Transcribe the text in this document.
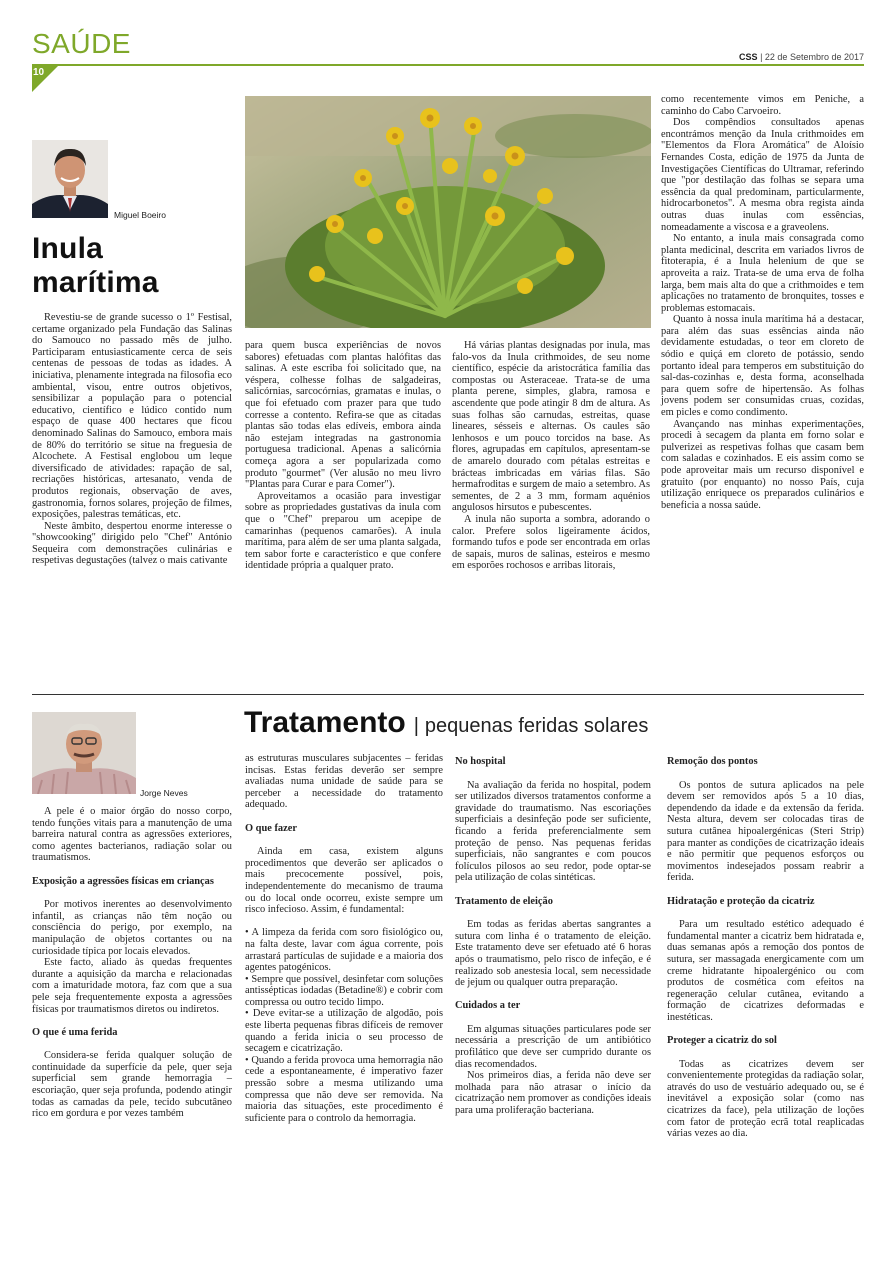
SAÚDE
10
CSS | 22 de Setembro de 2017
Miguel Boeiro
Inula
marítima

Revestiu-se de grande sucesso o 1º Festisal, certame organizado pela Fundação das Salinas do Samouco no passado mês de julho. Participaram entusiasticamente cerca de seis centenas de pessoas de todas as idades. A iniciativa, plenamente integrada na filosofia eco ambiental, visou, entre outros objetivos, sensibilizar a população para o potencial educativo, científico e lúdico contido num espaço de quase 400 hectares que ficou denominado Salinas do Samouco, embora mais de 80% do território se situe na freguesia de Alcochete. A Festisal englobou um leque diversificado de atividades: rapação de sal, recriações históricas, artesanato, venda de produtos regionais, observação de aves, gastronomia, fornos solares, projeção de filmes, exposições, palestras temáticas, etc.

Neste âmbito, despertou enorme interesse o "showcooking" dirigido pelo "Chef" António Sequeira com demonstrações culinárias e respetivas degustações (talvez o mais cativante

para quem busca experiências de novos sabores) efetuadas com plantas halófitas das salinas. A este escriba foi solicitado que, na véspera, colhesse folhas de salgadeiras, salicórnias, sarcocórnias, gramatas e inulas, o que foi efetuado com prazer para que tudo corresse a contento. Refira-se que as citadas plantas são todas elas edíveis, embora ainda não estejam integradas na gastronomia portuguesa tradicional. Apenas a salicórnia começa agora a ser popularizada como produto "gourmet" (Ver alusão no meu livro "Plantas para Curar e para Comer").

Aproveitamos a ocasião para investigar sobre as propriedades gustativas da inula com que o "Chef" preparou um acepipe de camarinhas (pequenos camarões). A inula marítima, para além de ser uma planta salgada, tem sabor forte e característico e que confere identidade própria a qualquer prato.

Há várias plantas designadas por inula, mas falo-vos da Inula crithmoides, de seu nome científico, espécie da aristocrática família das compostas ou Asteraceae. Trata-se de uma planta perene, simples, glabra, ramosa e ascendente que pode atingir 8 dm de altura. As suas folhas são carnudas, estreitas, quase lineares, sésseis e alternas. Os caules são lenhosos e um pouco torcidos na base. As flores, agrupadas em capítulos, apresentam-se de amarelo dourado com pétalas estreitas e brácteas imbricadas em várias filas. São hermafroditas e surgem de maio a setembro. As sementes, de 2 a 3 mm, formam aquénios angulosos hirsutos e pubescentes.

A inula não suporta a sombra, adorando o calor. Prefere solos ligeiramente ácidos, formando tufos e pode ser encontrada em orlas de sapais, muros de salinas, esteiros e mesmo em esporões rochosos e arribas litorais,

como recentemente vimos em Peniche, a caminho do Cabo Carvoeiro.

Dos compêndios consultados apenas encontrámos menção da Inula crithmoides em "Elementos da Flora Aromática" de Aloísio Fernandes Costa, edição de 1975 da Junta de Investigações Científicas do Ultramar, referindo que "por destilação das folhas se separa uma essência da qual predominam, particularmente, hidrocarbonetos". A mesma obra regista ainda outras duas inulas com essências, nomeadamente a viscosa e a graveolens.

No entanto, a inula mais consagrada como planta medicinal, descrita em variados livros de fitoterapia, é a Inula helenium de que se aproveita a raiz. Trata-se de uma erva de folha larga, bem mais alta do que a crithmoides e tem aplicações no tratamento de bronquites, tosses e problemas estomacais.

Quanto à nossa inula marítima há a destacar, para além das suas essências ainda não devidamente estudadas, o teor em cloreto de sódio e quiçá em cloreto de potássio, sendo portanto ideal para temperos em substituição do sal-das-cozinhas e, desta forma, aconselhada para quem sofre de hipertensão. As folhas jovens podem ser consumidas cruas, cozidas, em picles e como condimento.

Avançando nas minhas experimentações, procedi à secagem da planta em forno solar e pulverizei as respetivas folhas que casam bem com saladas e cozinhados. E eis assim como se pode aproveitar mais um recurso disponível e gratuito (por enquanto) no nosso País, cuja utilização enriquece os preparados culinários e beneficia a nossa saúde.

Jorge Neves
Tratamento | pequenas feridas solares

A pele é o maior órgão do nosso corpo, tendo funções vitais para a manutenção de uma barreira natural contra as agressões exteriores, como agentes bacterianos, radiação solar ou traumatismos.

Exposição a agressões físicas em crianças

Por motivos inerentes ao desenvolvimento infantil, as crianças não têm noção ou consciência do perigo, por exemplo, na manipulação de objetos cortantes ou na curiosidade típica por locais elevados.

Este facto, aliado às quedas frequentes durante a aquisição da marcha e relacionadas com a imaturidade motora, faz com que a sua pele seja frequentemente exposta a agressões físicas por traumatismos diretos ou indiretos.

O que é uma ferida

Considera-se ferida qualquer solução de continuidade da superfície da pele, quer seja superficial sem grande hemorragia – escoriação, quer seja profunda, podendo atingir todas as camadas da pele, tecido subcutâneo rico em gordura e por vezes também

as estruturas musculares subjacentes – feridas incisas. Estas feridas deverão ser sempre avaliadas numa unidade de saúde para se perceber a necessidade do tratamento adequado.

O que fazer

Ainda em casa, existem alguns procedimentos que deverão ser aplicados o mais precocemente possível, pois, independentemente do mecanismo de trauma ou do local onde ocorreu, existe sempre um risco infecioso. Assim, é fundamental:

• A limpeza da ferida com soro fisiológico ou, na falta deste, lavar com água corrente, pois arrastará partículas de sujidade e a maioria dos agentes patogénicos.
• Sempre que possível, desinfetar com soluções antissépticas iodadas (Betadine®) e cobrir com compressa ou outro tecido limpo.
• Deve evitar-se a utilização de algodão, pois este liberta pequenas fibras difíceis de remover quando a ferida inicia o seu processo de secagem e cicatrização.
• Quando a ferida provoca uma hemorragia não cede a espontaneamente, é imperativo fazer pressão sobre a mesma utilizando uma compressa que não deve ser removida. Na maioria das situações, este procedimento é suficiente para o controlo da hemorragia.

No hospital

Na avaliação da ferida no hospital, podem ser utilizados diversos tratamentos conforme a gravidade do traumatismo. Nas escoriações superficiais a desinfeção pode ser suficiente, ficando a ferida preferencialmente sem proteção de penso. Nas pequenas feridas superficiais, não sangrantes e com poucos folículos pilosos ao seu redor, pode optar-se pela utilização de colas sintéticas.

Tratamento de eleição

Em todas as feridas abertas sangrantes a sutura com linha é o tratamento de eleição. Este tratamento deve ser efetuado até 6 horas após o traumatismo, pelo risco de infeção, e é realizado sob anestesia local, sem necessidade de jejum ou qualquer outra preparação.

Cuidados a ter

Em algumas situações particulares pode ser necessária a prescrição de um antibiótico profilático que deve ser cumprido durante os dias recomendados.

Nos primeiros dias, a ferida não deve ser molhada para não atrasar o início da cicatrização nem promover as condições ideais para uma proliferação bacteriana.

Remoção dos pontos

Os pontos de sutura aplicados na pele devem ser removidos após 5 a 10 dias, dependendo da idade e da extensão da ferida. Nesta altura, devem ser colocadas tiras de sutura cutânea hipoalergénicas (Steri Strip) para manter as condições de cicatrização ideais e não permitir que pequenos esforços ou movimentos indesejados possam reabrir a ferida.

Hidratação e proteção da cicatriz

Para um resultado estético adequado é fundamental manter a cicatriz bem hidratada e, duas semanas após a remoção dos pontos de sutura, ser massagada energicamente com um creme hidratante hipoalergénico ou com produtos de cosmética com efeitos na regeneração celular cutânea, evitando a formação de cicatrizes deformadas e inestéticas.

Proteger a cicatriz do sol

Todas as cicatrizes devem ser convenientemente protegidas da radiação solar, através do uso de vestuário adequado ou, se é inevitável a exposição solar (como nas cicatrizes da face), pela utilização de loções com fator de proteção ecrã total reaplicadas várias vezes ao dia.
